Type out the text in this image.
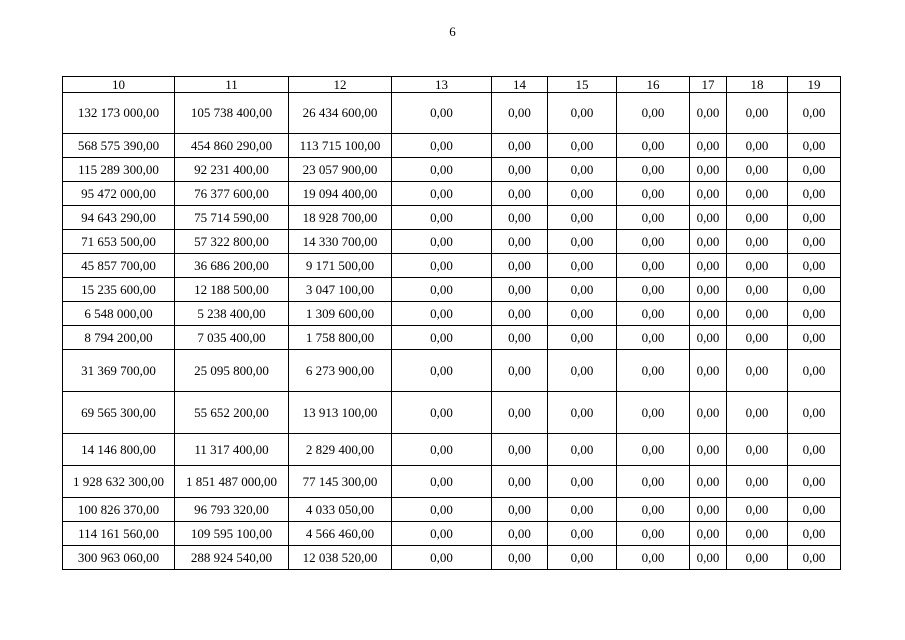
6
10	11	12	13	14	15	16	17	18	19
132 173 000,00	105 738 400,00	26 434 600,00	0,00	0,00	0,00	0,00	0,00	0,00	0,00
568 575 390,00	454 860 290,00	113 715 100,00	0,00	0,00	0,00	0,00	0,00	0,00	0,00
115 289 300,00	92 231 400,00	23 057 900,00	0,00	0,00	0,00	0,00	0,00	0,00	0,00
95 472 000,00	76 377 600,00	19 094 400,00	0,00	0,00	0,00	0,00	0,00	0,00	0,00
94 643 290,00	75 714 590,00	18 928 700,00	0,00	0,00	0,00	0,00	0,00	0,00	0,00
71 653 500,00	57 322 800,00	14 330 700,00	0,00	0,00	0,00	0,00	0,00	0,00	0,00
45 857 700,00	36 686 200,00	9 171 500,00	0,00	0,00	0,00	0,00	0,00	0,00	0,00
15 235 600,00	12 188 500,00	3 047 100,00	0,00	0,00	0,00	0,00	0,00	0,00	0,00
6 548 000,00	5 238 400,00	1 309 600,00	0,00	0,00	0,00	0,00	0,00	0,00	0,00
8 794 200,00	7 035 400,00	1 758 800,00	0,00	0,00	0,00	0,00	0,00	0,00	0,00
31 369 700,00	25 095 800,00	6 273 900,00	0,00	0,00	0,00	0,00	0,00	0,00	0,00
69 565 300,00	55 652 200,00	13 913 100,00	0,00	0,00	0,00	0,00	0,00	0,00	0,00
14 146 800,00	11 317 400,00	2 829 400,00	0,00	0,00	0,00	0,00	0,00	0,00	0,00
1 928 632 300,00	1 851 487 000,00	77 145 300,00	0,00	0,00	0,00	0,00	0,00	0,00	0,00
100 826 370,00	96 793 320,00	4 033 050,00	0,00	0,00	0,00	0,00	0,00	0,00	0,00
114 161 560,00	109 595 100,00	4 566 460,00	0,00	0,00	0,00	0,00	0,00	0,00	0,00
300 963 060,00	288 924 540,00	12 038 520,00	0,00	0,00	0,00	0,00	0,00	0,00	0,00
